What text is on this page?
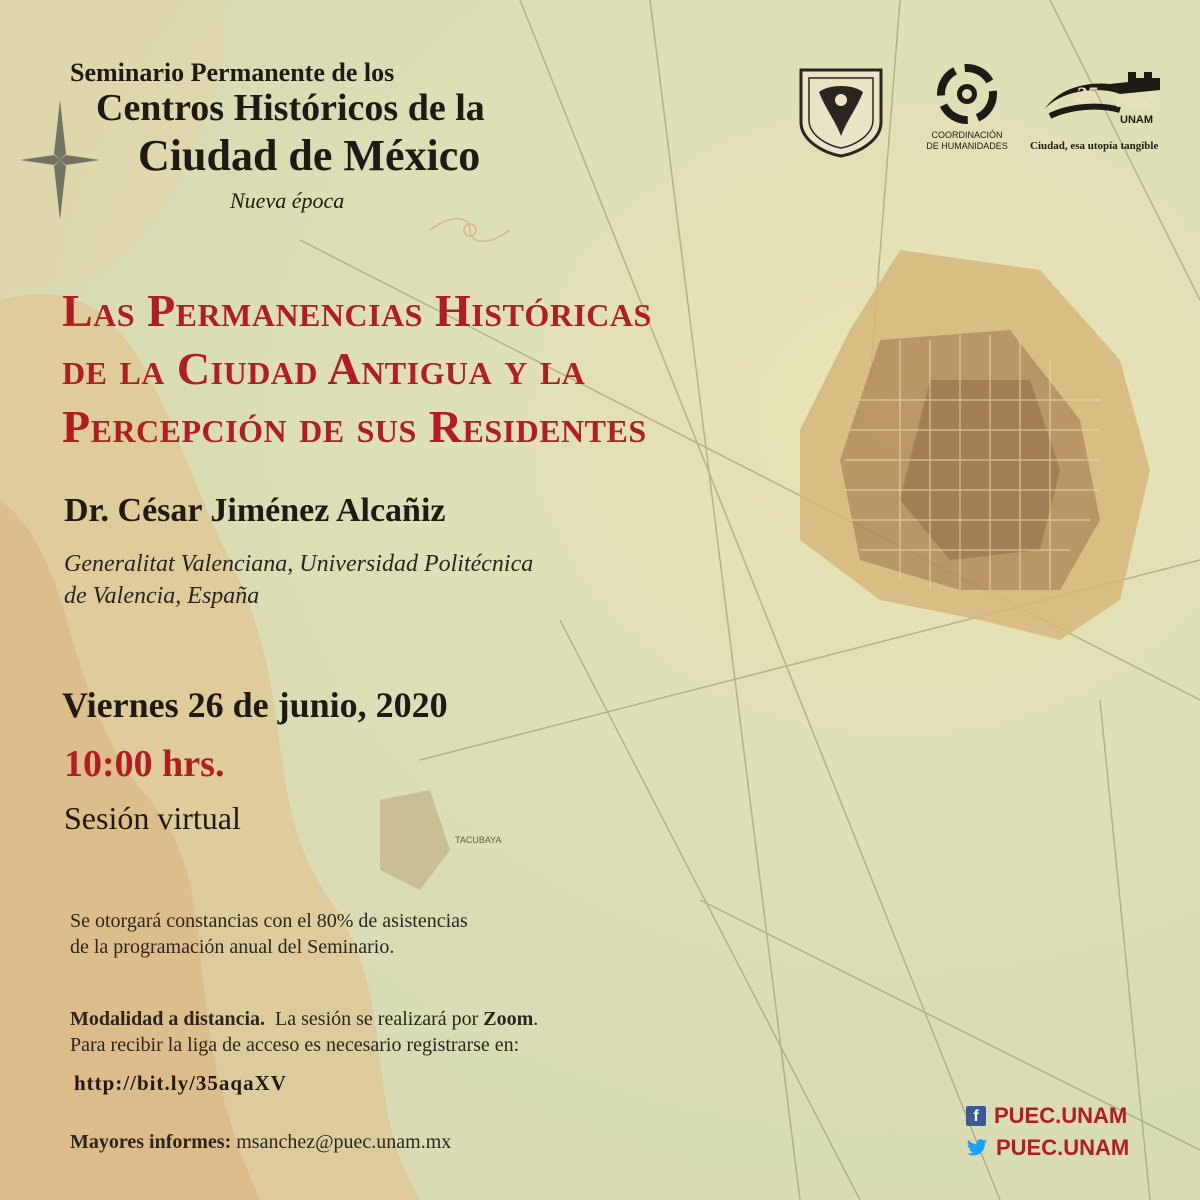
TACUBAYA
Seminario Permanente de los
Centros Históricos de la
Ciudad de México
Nueva época
COORDINACIÓN
DE HUMANIDADES
25 PUEC
UNAM
Ciudad, esa utopía tangible
Las Permanencias Históricas
de la Ciudad Antigua y la
Percepción de sus Residentes
Dr. César Jiménez Alcañiz
Generalitat Valenciana, Universidad Politécnica
de Valencia, España
Viernes 26 de junio, 2020
10:00 hrs.
Sesión virtual
Se otorgará constancias con el 80% de asistencias
de la programación anual del Seminario.
Modalidad a distancia.  La sesión se realizará por Zoom.
Para recibir la liga de acceso es necesario registrarse en:
http://bit.ly/35aqaXV
Mayores informes: msanchez@puec.unam.mx
f PUEC.UNAM
PUEC.UNAM
